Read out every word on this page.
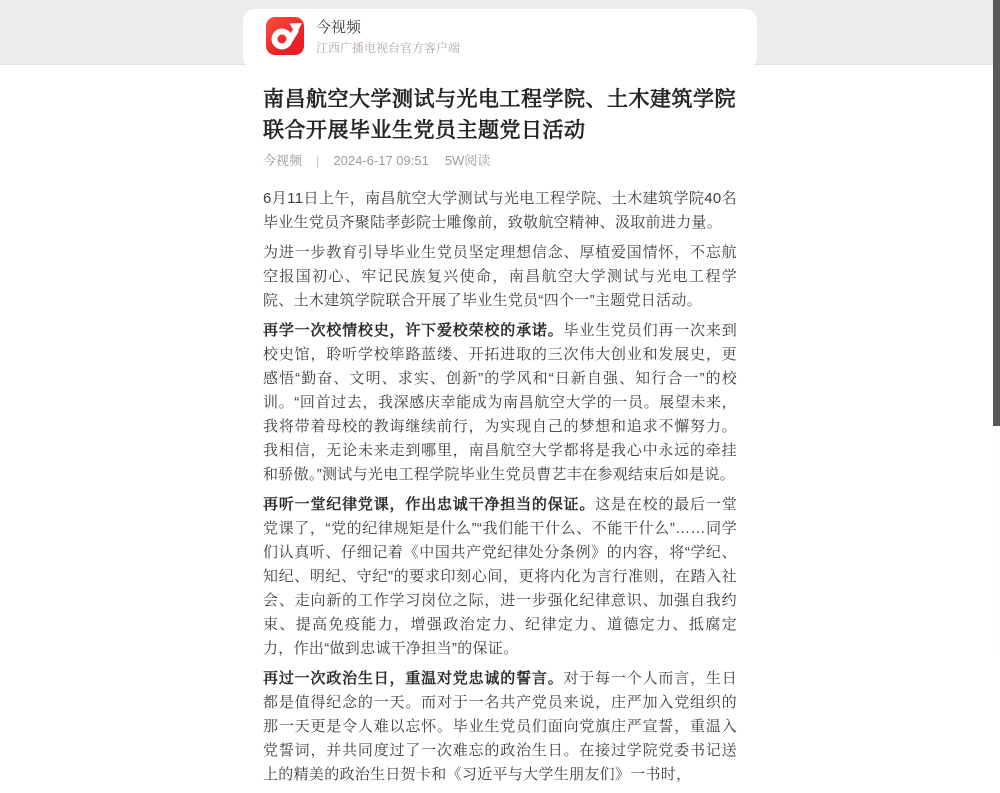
今视频
江西广播电视台官方客户端
南昌航空大学测试与光电工程学院、土木建筑学院联合开展毕业生党员主题党日活动
今视频 | 2024-6-17 09:51 5W阅读

6月11日上午，南昌航空大学测试与光电工程学院、土木建筑学院40名毕业生党员齐聚陆孝彭院士雕像前，致敬航空精神、汲取前进力量。

为进一步教育引导毕业生党员坚定理想信念、厚植爱国情怀，不忘航空报国初心、牢记民族复兴使命，南昌航空大学测试与光电工程学院、土木建筑学院联合开展了毕业生党员“四个一”主题党日活动。

再学一次校情校史，许下爱校荣校的承诺。毕业生党员们再一次来到校史馆，聆听学校筚路蓝缕、开拓进取的三次伟大创业和发展史，更感悟“勤奋、文明、求实、创新”的学风和“日新自强、知行合一”的校训。“回首过去，我深感庆幸能成为南昌航空大学的一员。展望未来，我将带着母校的教诲继续前行，为实现自己的梦想和追求不懈努力。我相信，无论未来走到哪里，南昌航空大学都将是我心中永远的牵挂和骄傲。”测试与光电工程学院毕业生党员曹艺丰在参观结束后如是说。

再听一堂纪律党课，作出忠诚干净担当的保证。这是在校的最后一堂党课了，“党的纪律规矩是什么”“我们能干什么、不能干什么”……同学们认真听、仔细记着《中国共产党纪律处分条例》的内容，将“学纪、知纪、明纪、守纪”的要求印刻心间，更将内化为言行准则，在踏入社会、走向新的工作学习岗位之际，进一步强化纪律意识、加强自我约束、提高免疫能力，增强政治定力、纪律定力、道德定力、抵腐定力，作出“做到忠诚干净担当”的保证。

再过一次政治生日，重温对党忠诚的誓言。对于每一个人而言，生日都是值得纪念的一天。而对于一名共产党员来说，庄严加入党组织的那一天更是令人难以忘怀。毕业生党员们面向党旗庄严宣誓，重温入党誓词，并共同度过了一次难忘的政治生日。在接过学院党委书记送上的精美的政治生日贺卡和《习近平与大学生朋友们》一书时，
